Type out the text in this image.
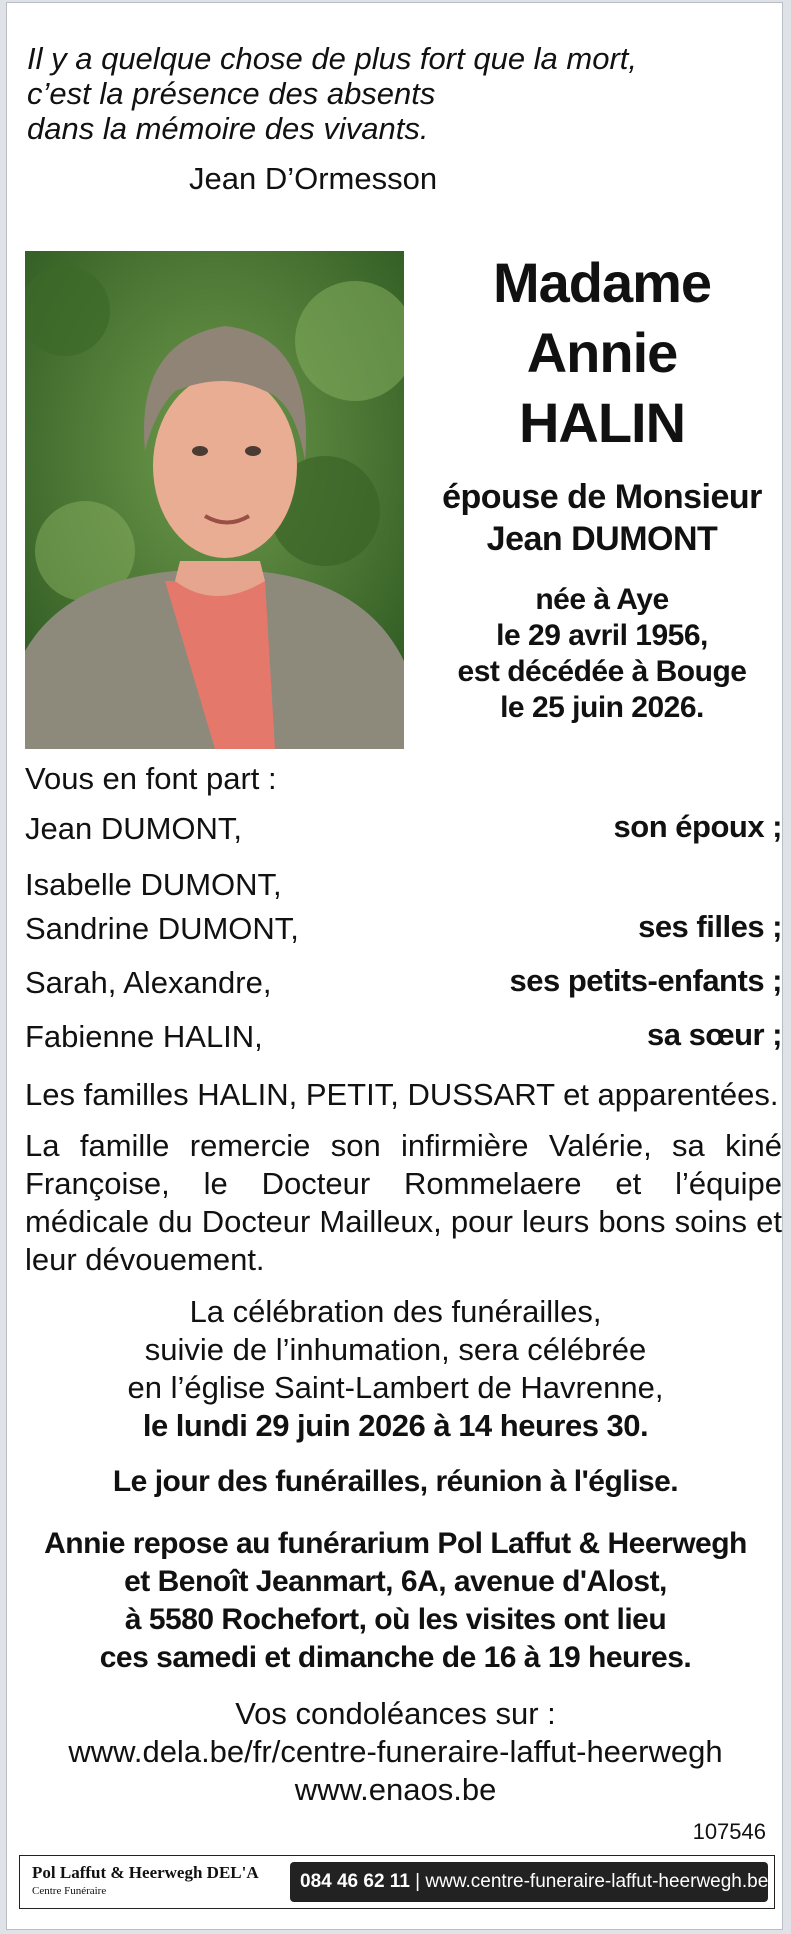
Il y a quelque chose de plus fort que la mort,
c’est la présence des absents
dans la mémoire des vivants.
Jean D’Ormesson
Madame
Annie
HALIN
épouse de Monsieur
Jean DUMONT
née à Aye
le 29 avril 1956,
est décédée à Bouge
le 25 juin 2026.
Vous en font part :
Jean DUMONT,	son époux ;
Isabelle DUMONT,
Sandrine DUMONT,	ses filles ;
Sarah, Alexandre,	ses petits-enfants ;
Fabienne HALIN,	sa sœur ;
Les familles HALIN, PETIT, DUSSART et apparentées.
La famille remercie son infirmière Valérie, sa kiné Françoise, le Docteur Rommelaere et l’équipe médicale du Docteur Mailleux, pour leurs bons soins et leur dévouement.
La célébration des funérailles,
suivie de l’inhumation, sera célébrée
en l’église Saint-Lambert de Havrenne,
le lundi 29 juin 2026 à 14 heures 30.
Le jour des funérailles, réunion à l'église.
Annie repose au funérarium Pol Laffut & Heerwegh
et Benoît Jeanmart, 6A, avenue d'Alost,
à 5580 Rochefort, où les visites ont lieu
ces samedi et dimanche de 16 à 19 heures.
Vos condoléances sur :
www.dela.be/fr/centre-funeraire-laffut-heerwegh
www.enaos.be
107546
Pol Laffut & Heerwegh DEL'A
Centre Funéraire	084 46 62 11 | www.centre-funeraire-laffut-heerwegh.be
